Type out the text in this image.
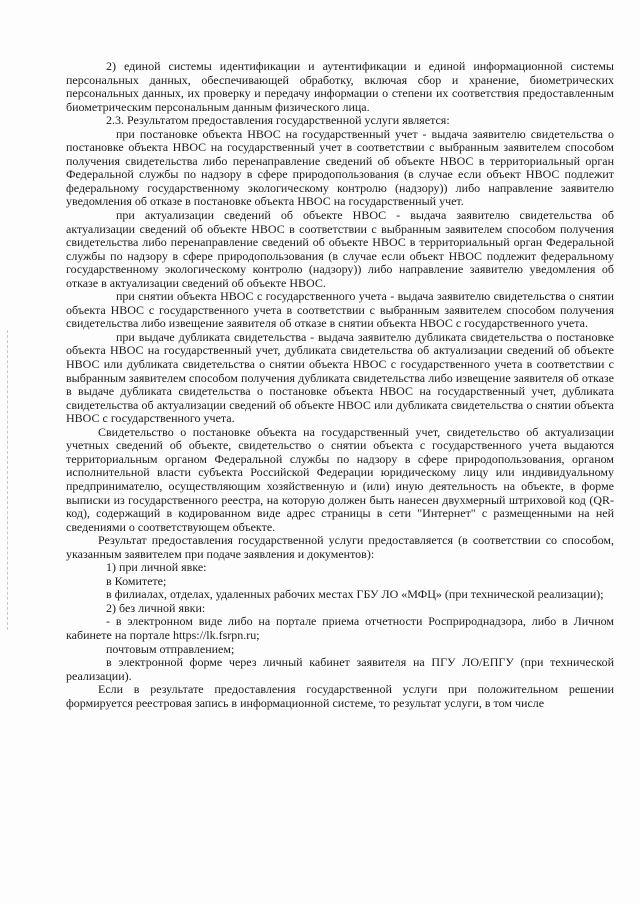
2) единой системы идентификации и аутентификации и единой информационной системы персональных данных, обеспечивающей обработку, включая сбор и хранение, биометрических персональных данных, их проверку и передачу информации о степени их соответствия предоставленным биометрическим персональным данным физического лица.

2.3. Результатом предоставления государственной услуги является:

при постановке объекта НВОС на государственный учет - выдача заявителю свидетельства о постановке объекта НВОС на государственный учет в соответствии с выбранным заявителем способом получения свидетельства либо перенаправление сведений об объекте НВОС в территориальный орган Федеральной службы по надзору в сфере природопользования (в случае если объект НВОС подлежит федеральному государственному экологическому контролю (надзору)) либо направление заявителю уведомления об отказе в постановке объекта НВОС на государственный учет.

при актуализации сведений об объекте НВОС - выдача заявителю свидетельства об актуализации сведений об объекте НВОС в соответствии с выбранным заявителем способом получения свидетельства либо перенаправление сведений об объекте НВОС в территориальный орган Федеральной службы по надзору в сфере природопользования (в случае если объект НВОС подлежит федеральному государственному экологическому контролю (надзору)) либо направление заявителю уведомления об отказе в актуализации сведений об объекте НВОС.

при снятии объекта НВОС с государственного учета - выдача заявителю свидетельства о снятии объекта НВОС с государственного учета в соответствии с выбранным заявителем способом получения свидетельства либо извещение заявителя об отказе в снятии объекта НВОС с государственного учета.

при выдаче дубликата свидетельства - выдача заявителю дубликата свидетельства о постановке объекта НВОС на государственный учет, дубликата свидетельства об актуализации сведений об объекте НВОС или дубликата свидетельства о снятии объекта НВОС с государственного учета в соответствии с выбранным заявителем способом получения дубликата свидетельства либо извещение заявителя об отказе в выдаче дубликата свидетельства о постановке объекта НВОС на государственный учет, дубликата свидетельства об актуализации сведений об объекте НВОС или дубликата свидетельства о снятии объекта НВОС с государственного учета.

Свидетельство о постановке объекта на государственный учет, свидетельство об актуализации учетных сведений об объекте, свидетельство о снятии объекта с государственного учета выдаются территориальным органом Федеральной службы по надзору в сфере природопользования, органом исполнительной власти субъекта Российской Федерации юридическому лицу или индивидуальному предпринимателю, осуществляющим хозяйственную и (или) иную деятельность на объекте, в форме выписки из государственного реестра, на которую должен быть нанесен двухмерный штриховой код (QR-код), содержащий в кодированном виде адрес страницы в сети "Интернет" с размещенными на ней сведениями о соответствующем объекте.

Результат предоставления государственной услуги предоставляется (в соответствии со способом, указанным заявителем при подаче заявления и документов):

1) при личной явке:

в Комитете;

в филиалах, отделах, удаленных рабочих местах ГБУ ЛО «МФЦ» (при технической реализации);

2) без личной явки:

- в электронном виде либо на портале приема отчетности Росприроднадзора, либо в Личном кабинете на портале https://lk.fsrpn.ru;

почтовым отправлением;

в электронной форме через личный кабинет заявителя на ПГУ ЛО/ЕПГУ (при технической реализации).

Если в результате предоставления государственной услуги при положительном решении формируется реестровая запись в информационной системе, то результат услуги, в том числе
